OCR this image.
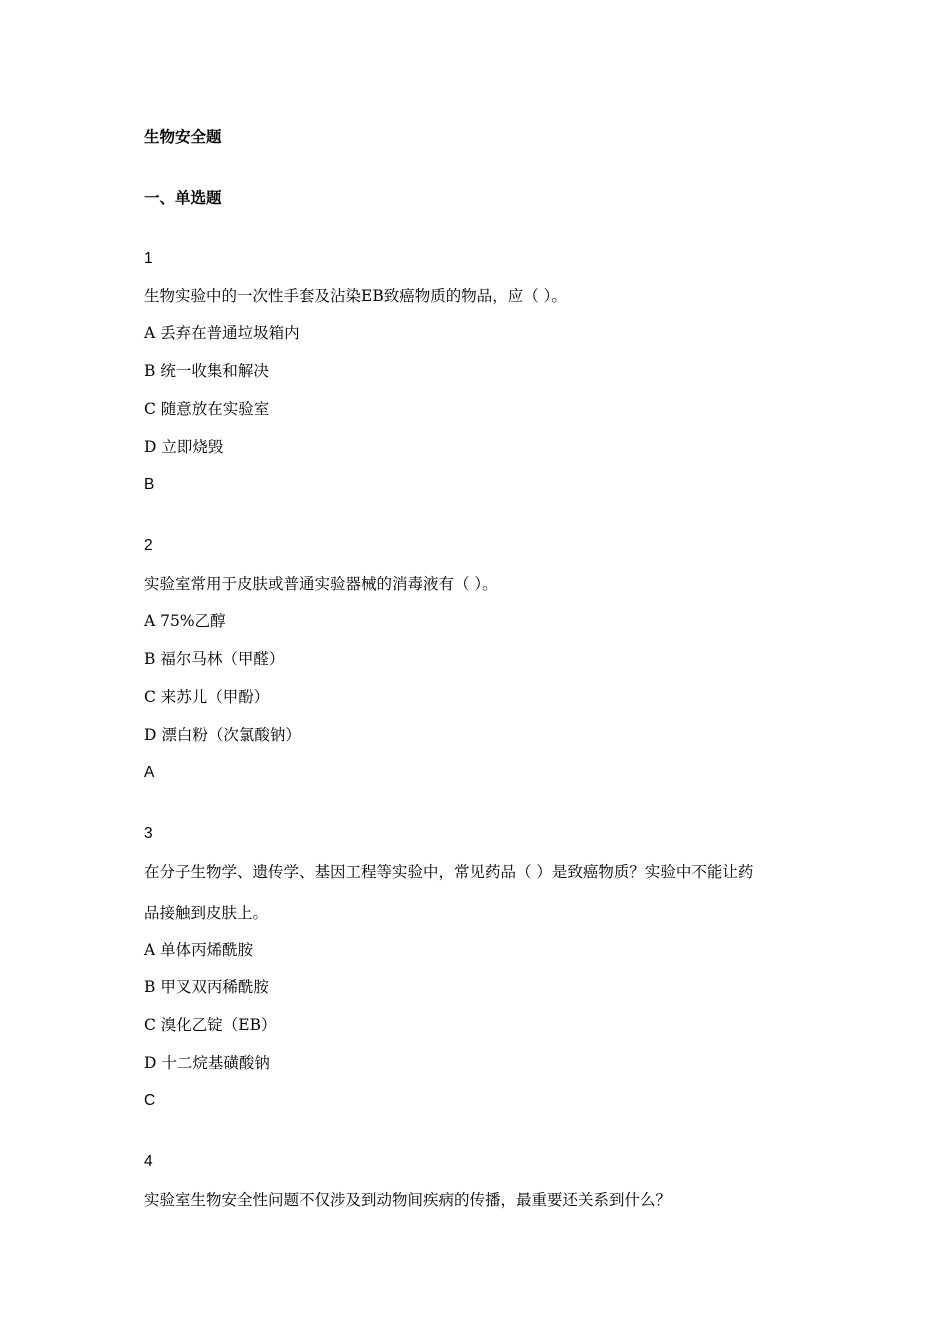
生物安全题
一、单选题
1
生物实验中的一次性手套及沾染EB致癌物质的物品，应（ ）。
A 丢弃在普通垃圾箱内
B 统一收集和解决
C 随意放在实验室
D 立即烧毁
B
2
实验室常用于皮肤或普通实验器械的消毒液有（ ）。
A 75%乙醇
B 福尔马林（甲醛）
C 来苏儿（甲酚）
D 漂白粉（次氯酸钠）
A
3
在分子生物学、遗传学、基因工程等实验中，常见药品（ ）是致癌物质？实验中不能让药
品接触到皮肤上。
A 单体丙烯酰胺
B 甲叉双丙稀酰胺
C 溴化乙锭（EB）
D 十二烷基磺酸钠
C
4
实验室生物安全性问题不仅涉及到动物间疾病的传播，最重要还关系到什么？
